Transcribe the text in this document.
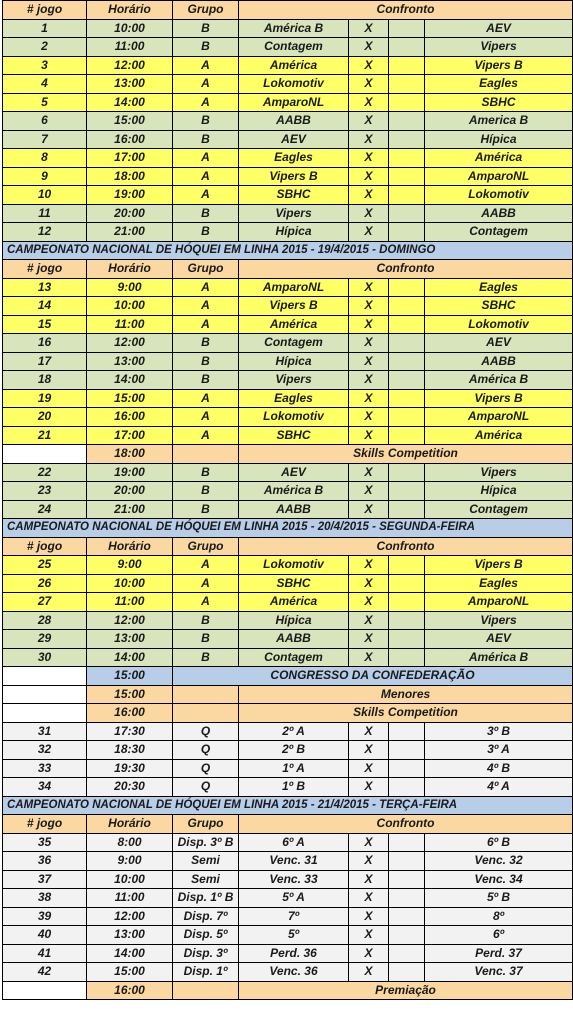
# jogo	Horário	Grupo	Confronto			
1	10:00	B	América B	X		AEV
2	11:00	B	Contagem	X		Vipers
3	12:00	A	América	X		Vipers B
4	13:00	A	Lokomotiv	X		Eagles
5	14:00	A	AmparoNL	X		SBHC
6	15:00	B	AABB	X		America B
7	16:00	B	AEV	X		Hípica
8	17:00	A	Eagles	X		América
9	18:00	A	Vipers B	X		AmparoNL
10	19:00	A	SBHC	X		Lokomotiv
11	20:00	B	Vipers	X		AABB
12	21:00	B	Hípica	X		Contagem
CAMPEONATO NACIONAL DE HÓQUEI EM LINHA 2015 - 19/4/2015 - DOMINGO						
# jogo	Horário	Grupo	Confronto			
13	9:00	A	AmparoNL	X		Eagles
14	10:00	A	Vipers B	X		SBHC
15	11:00	A	América	X		Lokomotiv
16	12:00	B	Contagem	X		AEV
17	13:00	B	Hípica	X		AABB
18	14:00	B	Vipers	X		América B
19	15:00	A	Eagles	X		Vipers B
20	16:00	A	Lokomotiv	X		AmparoNL
21	17:00	A	SBHC	X		América
	18:00		Skills Competition			
22	19:00	B	AEV	X		Vipers
23	20:00	B	América B	X		Hípica
24	21:00	B	AABB	X		Contagem
CAMPEONATO NACIONAL DE HÓQUEI EM LINHA 2015 - 20/4/2015 - SEGUNDA-FEIRA						
# jogo	Horário	Grupo	Confronto			
25	9:00	A	Lokomotiv	X		Vipers B
26	10:00	A	SBHC	X		Eagles
27	11:00	A	América	X		AmparoNL
28	12:00	B	Hípica	X		Vipers
29	13:00	B	AABB	X		AEV
30	14:00	B	Contagem	X		América B
	15:00	CONGRESSO DA CONFEDERAÇÃO				
	15:00		Menores			
	16:00		Skills Competition			
31	17:30	Q	2º A	X		3º B
32	18:30	Q	2º B	X		3º A
33	19:30	Q	1º A	X		4º B
34	20:30	Q	1º B	X		4º A
CAMPEONATO NACIONAL DE HÓQUEI EM LINHA 2015 - 21/4/2015 - TERÇA-FEIRA						
# jogo	Horário	Grupo	Confronto			
35	8:00	Disp. 3º B	6º A	X		6º B
36	9:00	Semi	Venc. 31	X		Venc. 32
37	10:00	Semi	Venc. 33	X		Venc. 34
38	11:00	Disp. 1º B	5º A	X		5º B
39	12:00	Disp. 7º	7º	X		8º
40	13:00	Disp. 5º	5º	X		6º
41	14:00	Disp. 3º	Perd. 36	X		Perd. 37
42	15:00	Disp. 1º	Venc. 36	X		Venc. 37
	16:00		Premiação			
